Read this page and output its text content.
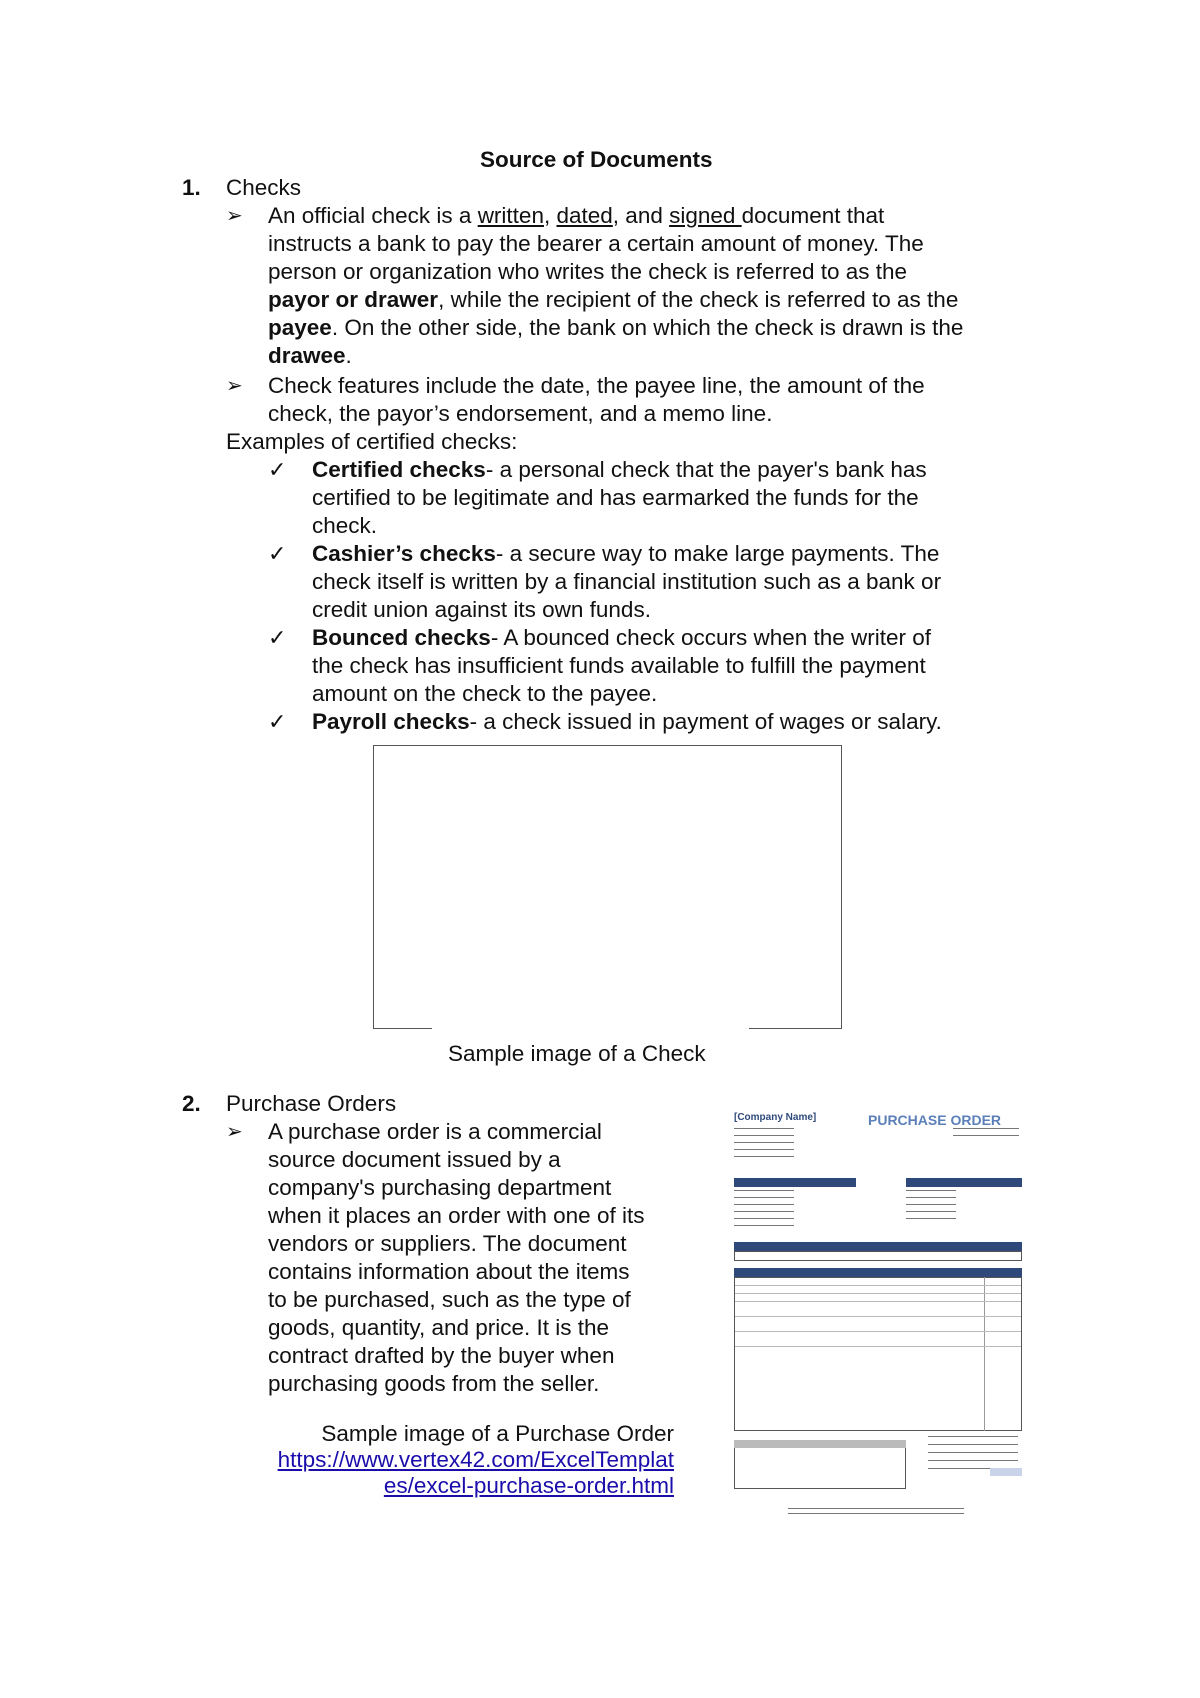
Source of Documents
1. Checks
➢ An official check is a written, dated, and signed document that
instructs a bank to pay the bearer a certain amount of money. The
person or organization who writes the check is referred to as the
payor or drawer, while the recipient of the check is referred to as the
payee. On the other side, the bank on which the check is drawn is the
drawee.
➢ Check features include the date, the payee line, the amount of the
check, the payor’s endorsement, and a memo line.
Examples of certified checks:
✓ Certified checks- a personal check that the payer's bank has
certified to be legitimate and has earmarked the funds for the
check.
✓ Cashier’s checks- a secure way to make large payments. The
check itself is written by a financial institution such as a bank or
credit union against its own funds.
✓ Bounced checks- A bounced check occurs when the writer of
the check has insufficient funds available to fulfill the payment
amount on the check to the payee.
✓ Payroll checks- a check issued in payment of wages or salary.
Sample image of a Check
2. Purchase Orders
➢ A purchase order is a commercial
source document issued by a
company's purchasing department
when it places an order with one of its
vendors or suppliers. The document
contains information about the items
to be purchased, such as the type of
goods, quantity, and price. It is the
contract drafted by the buyer when
purchasing goods from the seller.
Sample image of a Purchase Order
https://www.vertex42.com/ExcelTemplat
es/excel-purchase-order.html
[Company Name]	PURCHASE ORDER
